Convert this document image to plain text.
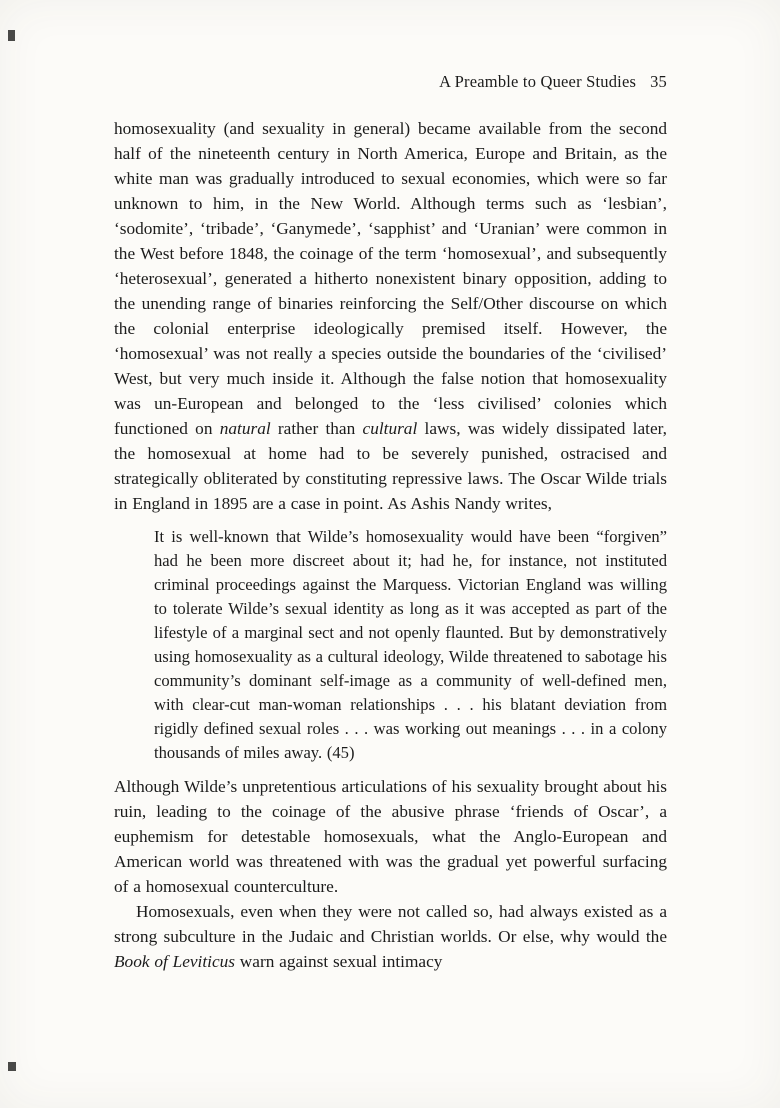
A Preamble to Queer Studies 35

homosexuality (and sexuality in general) became available from the second half of the nineteenth century in North America, Europe and Britain, as the white man was gradually introduced to sexual economies, which were so far unknown to him, in the New World. Although terms such as ‘lesbian’, ‘sodomite’, ‘tribade’, ‘Ganymede’, ‘sapphist’ and ‘Uranian’ were common in the West before 1848, the coinage of the term ‘homosexual’, and subsequently ‘heterosexual’, generated a hitherto nonexistent binary opposition, adding to the unending range of binaries reinforcing the Self/Other discourse on which the colonial enterprise ideologically premised itself. However, the ‘homosexual’ was not really a species outside the boundaries of the ‘civilised’ West, but very much inside it. Although the false notion that homosexuality was un-European and belonged to the ‘less civilised’ colonies which functioned on natural rather than cultural laws, was widely dissipated later, the homosexual at home had to be severely punished, ostracised and strategically obliterated by constituting repressive laws. The Oscar Wilde trials in England in 1895 are a case in point. As Ashis Nandy writes,

It is well-known that Wilde’s homosexuality would have been “forgiven” had he been more discreet about it; had he, for instance, not instituted criminal proceedings against the Marquess. Victorian England was willing to tolerate Wilde’s sexual identity as long as it was accepted as part of the lifestyle of a marginal sect and not openly flaunted. But by demonstratively using homosexuality as a cultural ideology, Wilde threatened to sabotage his community’s dominant self-image as a community of well-defined men, with clear-cut man-woman relationships . . . his blatant deviation from rigidly defined sexual roles . . . was working out meanings . . . in a colony thousands of miles away. (45)

Although Wilde’s unpretentious articulations of his sexuality brought about his ruin, leading to the coinage of the abusive phrase ‘friends of Oscar’, a euphemism for detestable homosexuals, what the Anglo-European and American world was threatened with was the gradual yet powerful surfacing of a homosexual counterculture.

Homosexuals, even when they were not called so, had always existed as a strong subculture in the Judaic and Christian worlds. Or else, why would the Book of Leviticus warn against sexual intimacy
